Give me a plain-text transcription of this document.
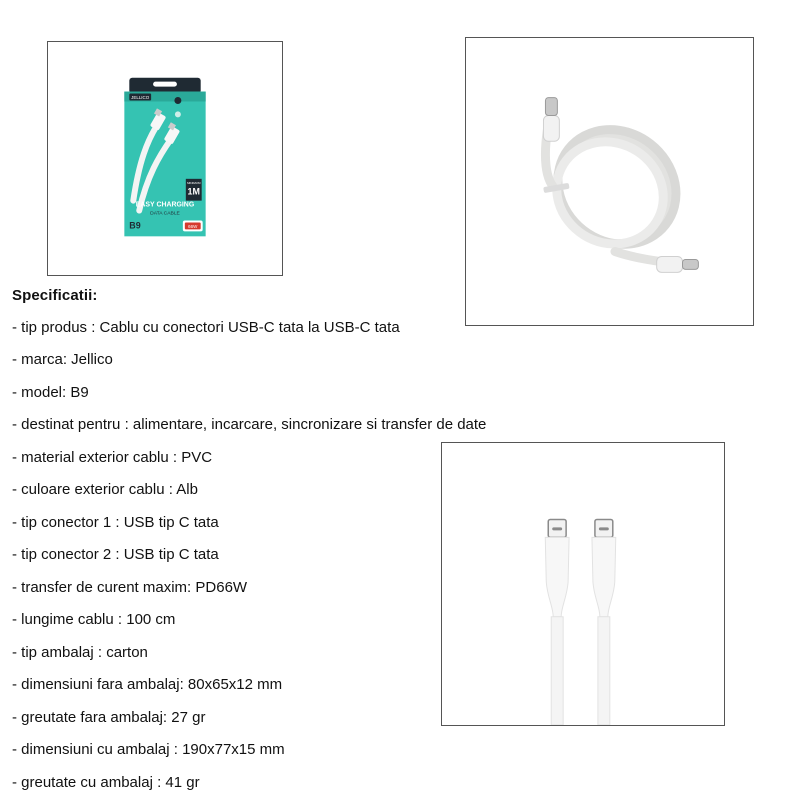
JELLICO
MINIMUM
1M
EASY CHARGING
DATA CABLE
B9	66W
Specificatii:
- tip produs : Cablu cu conectori USB-C tata la USB-C tata
- marca: Jellico
- model: B9
- destinat pentru : alimentare, incarcare, sincronizare si transfer de date
- material exterior cablu : PVC
- culoare exterior cablu : Alb
- tip conector 1 : USB tip C tata
- tip conector 2 : USB tip C tata
- transfer de curent maxim: PD66W
- lungime cablu : 100 cm
- tip ambalaj : carton
- dimensiuni fara ambalaj: 80x65x12 mm
- greutate fara ambalaj: 27 gr
- dimensiuni cu ambalaj : 190x77x15 mm
- greutate cu ambalaj : 41 gr
